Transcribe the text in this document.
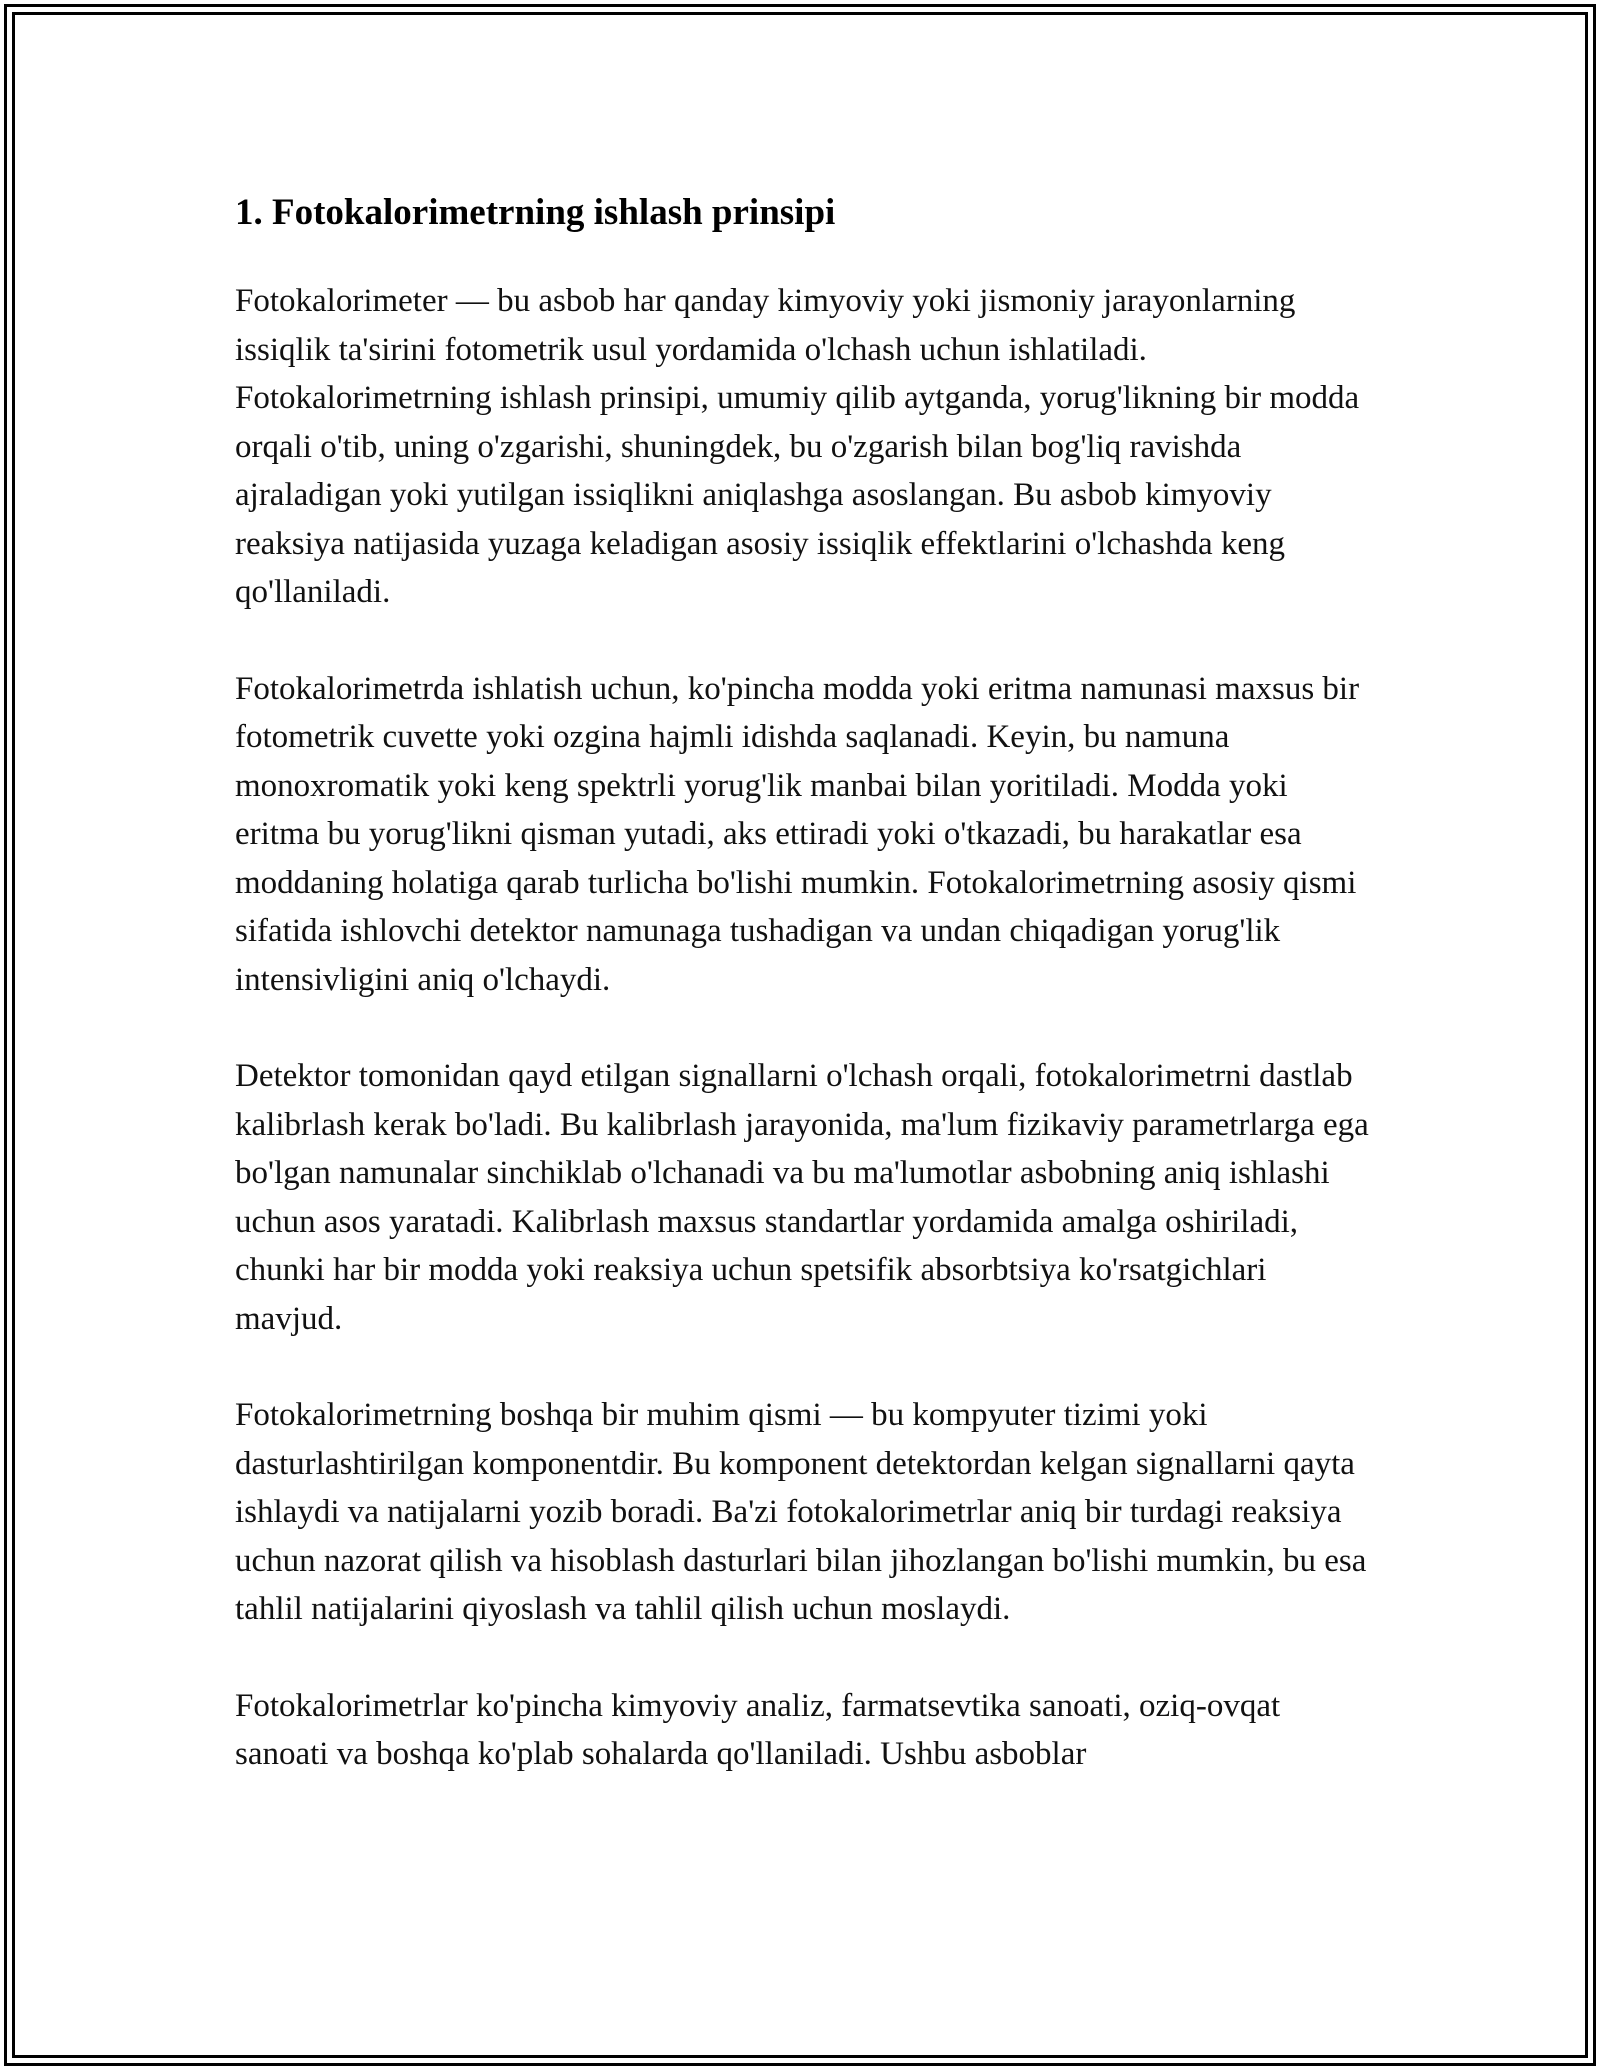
1. Fotokalorimetrning ishlash prinsipi

Fotokalorimeter — bu asbob har qanday kimyoviy yoki jismoniy jarayonlarning issiqlik ta'sirini fotometrik usul yordamida o'lchash uchun ishlatiladi. Fotokalorimetrning ishlash prinsipi, umumiy qilib aytganda, yorug'likning bir modda orqali o'tib, uning o'zgarishi, shuningdek, bu o'zgarish bilan bog'liq ravishda ajraladigan yoki yutilgan issiqlikni aniqlashga asoslangan. Bu asbob kimyoviy reaksiya natijasida yuzaga keladigan asosiy issiqlik effektlarini o'lchashda keng qo'llaniladi.

Fotokalorimetrda ishlatish uchun, ko'pincha modda yoki eritma namunasi maxsus bir fotometrik cuvette yoki ozgina hajmli idishda saqlanadi. Keyin, bu namuna monoxromatik yoki keng spektrli yorug'lik manbai bilan yoritiladi. Modda yoki eritma bu yorug'likni qisman yutadi, aks ettiradi yoki o'tkazadi, bu harakatlar esa moddaning holatiga qarab turlicha bo'lishi mumkin. Fotokalorimetrning asosiy qismi sifatida ishlovchi detektor namunaga tushadigan va undan chiqadigan yorug'lik intensivligini aniq o'lchaydi.

Detektor tomonidan qayd etilgan signallarni o'lchash orqali, fotokalorimetrni dastlab kalibrlash kerak bo'ladi. Bu kalibrlash jarayonida, ma'lum fizikaviy parametrlarga ega bo'lgan namunalar sinchiklab o'lchanadi va bu ma'lumotlar asbobning aniq ishlashi uchun asos yaratadi. Kalibrlash maxsus standartlar yordamida amalga oshiriladi, chunki har bir modda yoki reaksiya uchun spetsifik absorbtsiya ko'rsatgichlari mavjud.

Fotokalorimetrning boshqa bir muhim qismi — bu kompyuter tizimi yoki dasturlashtirilgan komponentdir. Bu komponent detektordan kelgan signallarni qayta ishlaydi va natijalarni yozib boradi. Ba'zi fotokalorimetrlar aniq bir turdagi reaksiya uchun nazorat qilish va hisoblash dasturlari bilan jihozlangan bo'lishi mumkin, bu esa tahlil natijalarini qiyoslash va tahlil qilish uchun moslaydi.

Fotokalorimetrlar ko'pincha kimyoviy analiz, farmatsevtika sanoati, oziq-ovqat sanoati va boshqa ko'plab sohalarda qo'llaniladi. Ushbu asboblar
